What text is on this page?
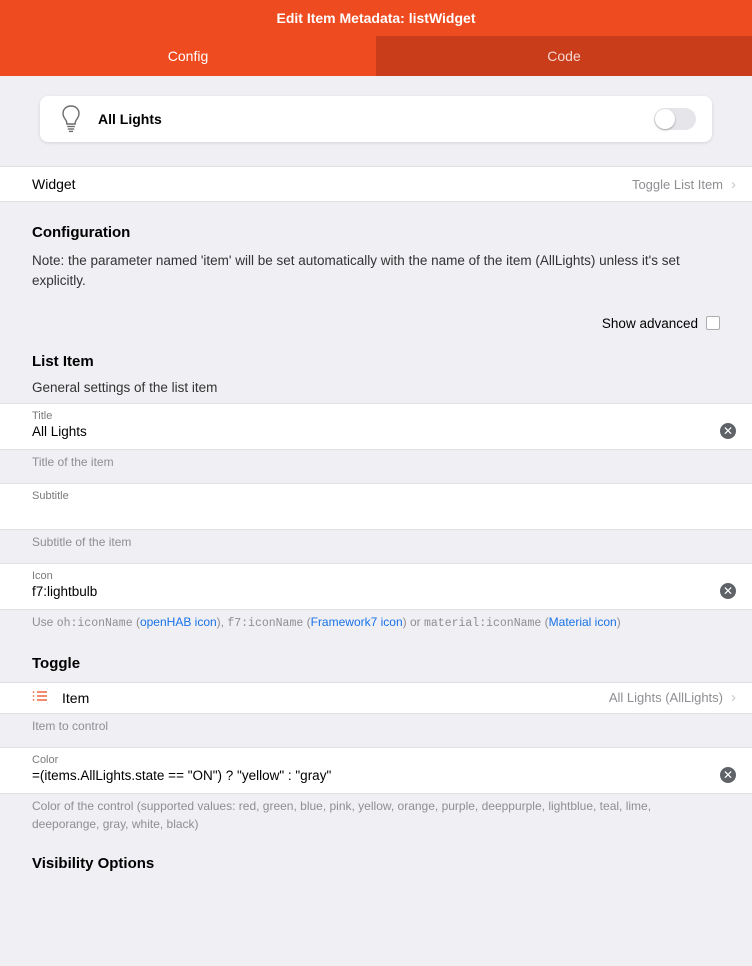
Edit Item Metadata: listWidget
Config	Code
All Lights
Widget	Toggle List Item ›
Configuration

Note: the parameter named 'item' will be set automatically with the name of the item (AllLights) unless it's set explicitly.

Show advanced
List Item

General settings of the list item

Title
All Lights	✕
Title of the item
Subtitle
Subtitle of the item
Icon
f7:lightbulb	✕
Use oh:iconName (openHAB icon), f7:iconName (Framework7 icon) or material:iconName (Material icon)
Toggle
Item	All Lights (AllLights) ›
Item to control
Color
=(items.AllLights.state == "ON") ? "yellow" : "gray"	✕
Color of the control (supported values: red, green, blue, pink, yellow, orange, purple, deeppurple, lightblue, teal, lime, deeporange, gray, white, black)
Visibility Options
